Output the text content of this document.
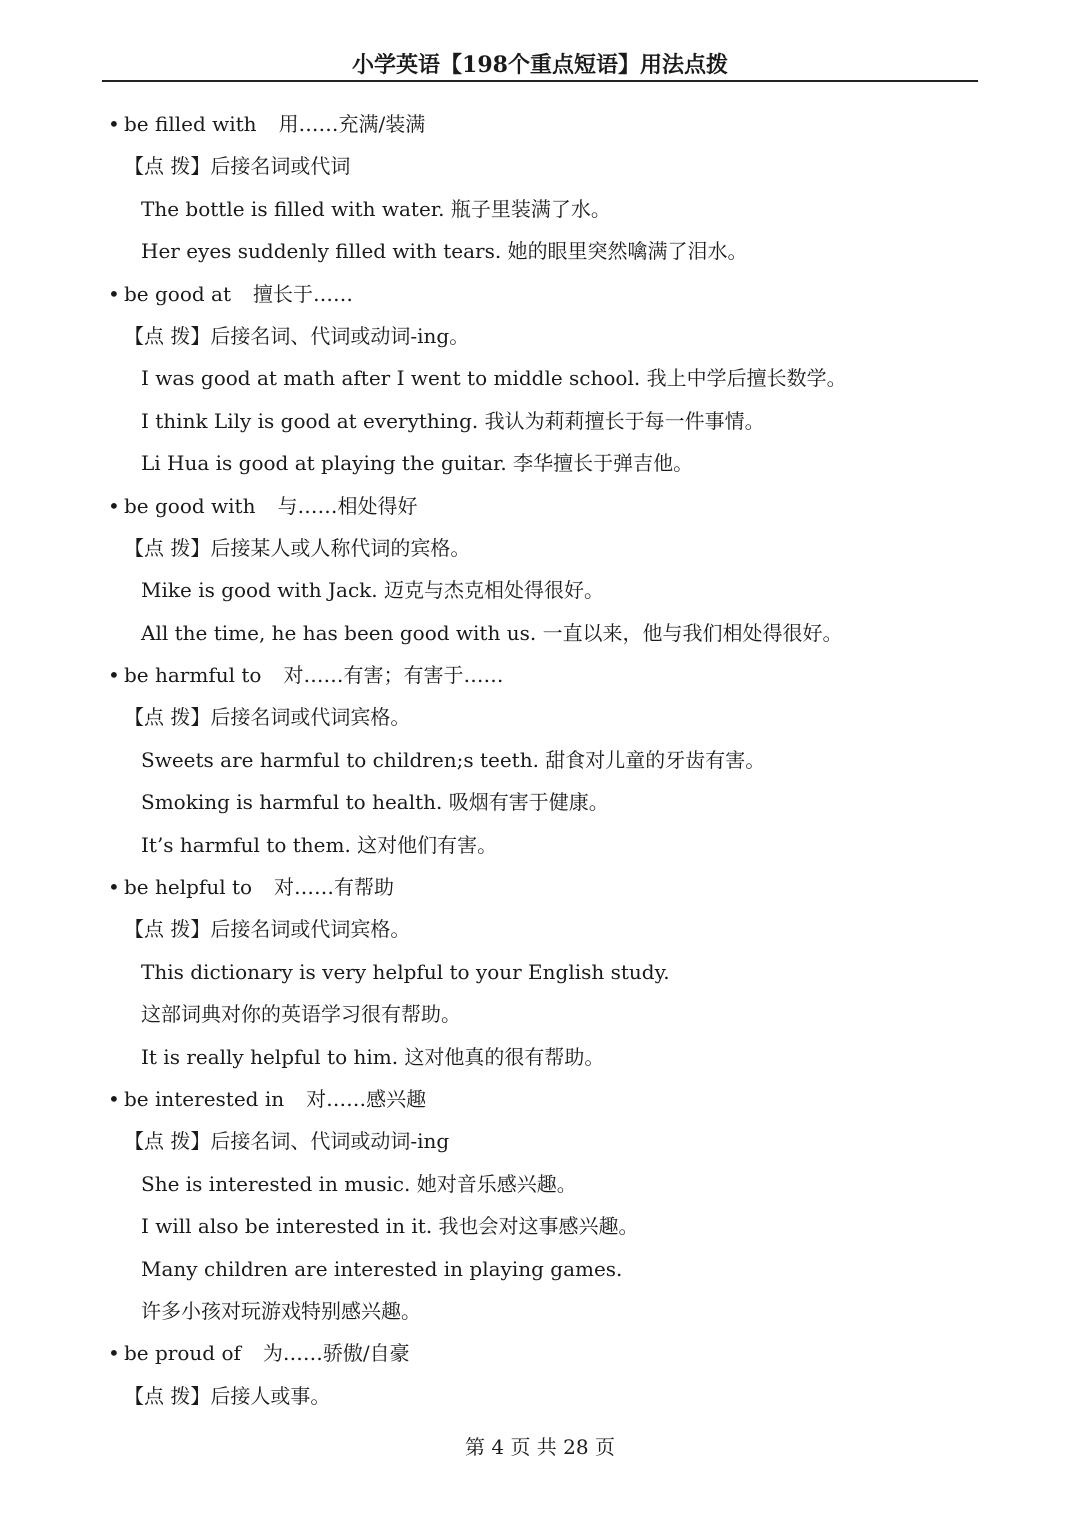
小学英语【198个重点短语】用法点拨
• be filled with 用……充满/装满
【点 拨】后接名词或代词
The bottle is filled with water. 瓶子里装满了水。
Her eyes suddenly filled with tears. 她的眼里突然噙满了泪水。
• be good at 擅长于……
【点 拨】后接名词、代词或动词-ing。
I was good at math after I went to middle school. 我上中学后擅长数学。
I think Lily is good at everything. 我认为莉莉擅长于每一件事情。
Li Hua is good at playing the guitar. 李华擅长于弹吉他。
• be good with 与……相处得好
【点 拨】后接某人或人称代词的宾格。
Mike is good with Jack. 迈克与杰克相处得很好。
All the time, he has been good with us. 一直以来，他与我们相处得很好。
• be harmful to 对……有害；有害于……
【点 拨】后接名词或代词宾格。
Sweets are harmful to children;s teeth. 甜食对儿童的牙齿有害。
Smoking is harmful to health. 吸烟有害于健康。
It’s harmful to them. 这对他们有害。
• be helpful to 对……有帮助
【点 拨】后接名词或代词宾格。
This dictionary is very helpful to your English study.
这部词典对你的英语学习很有帮助。
It is really helpful to him. 这对他真的很有帮助。
• be interested in 对……感兴趣
【点 拨】后接名词、代词或动词-ing
She is interested in music. 她对音乐感兴趣。
I will also be interested in it. 我也会对这事感兴趣。
Many children are interested in playing games.
许多小孩对玩游戏特别感兴趣。
• be proud of 为……骄傲/自豪
【点 拨】后接人或事。
第 4 页 共 28 页
